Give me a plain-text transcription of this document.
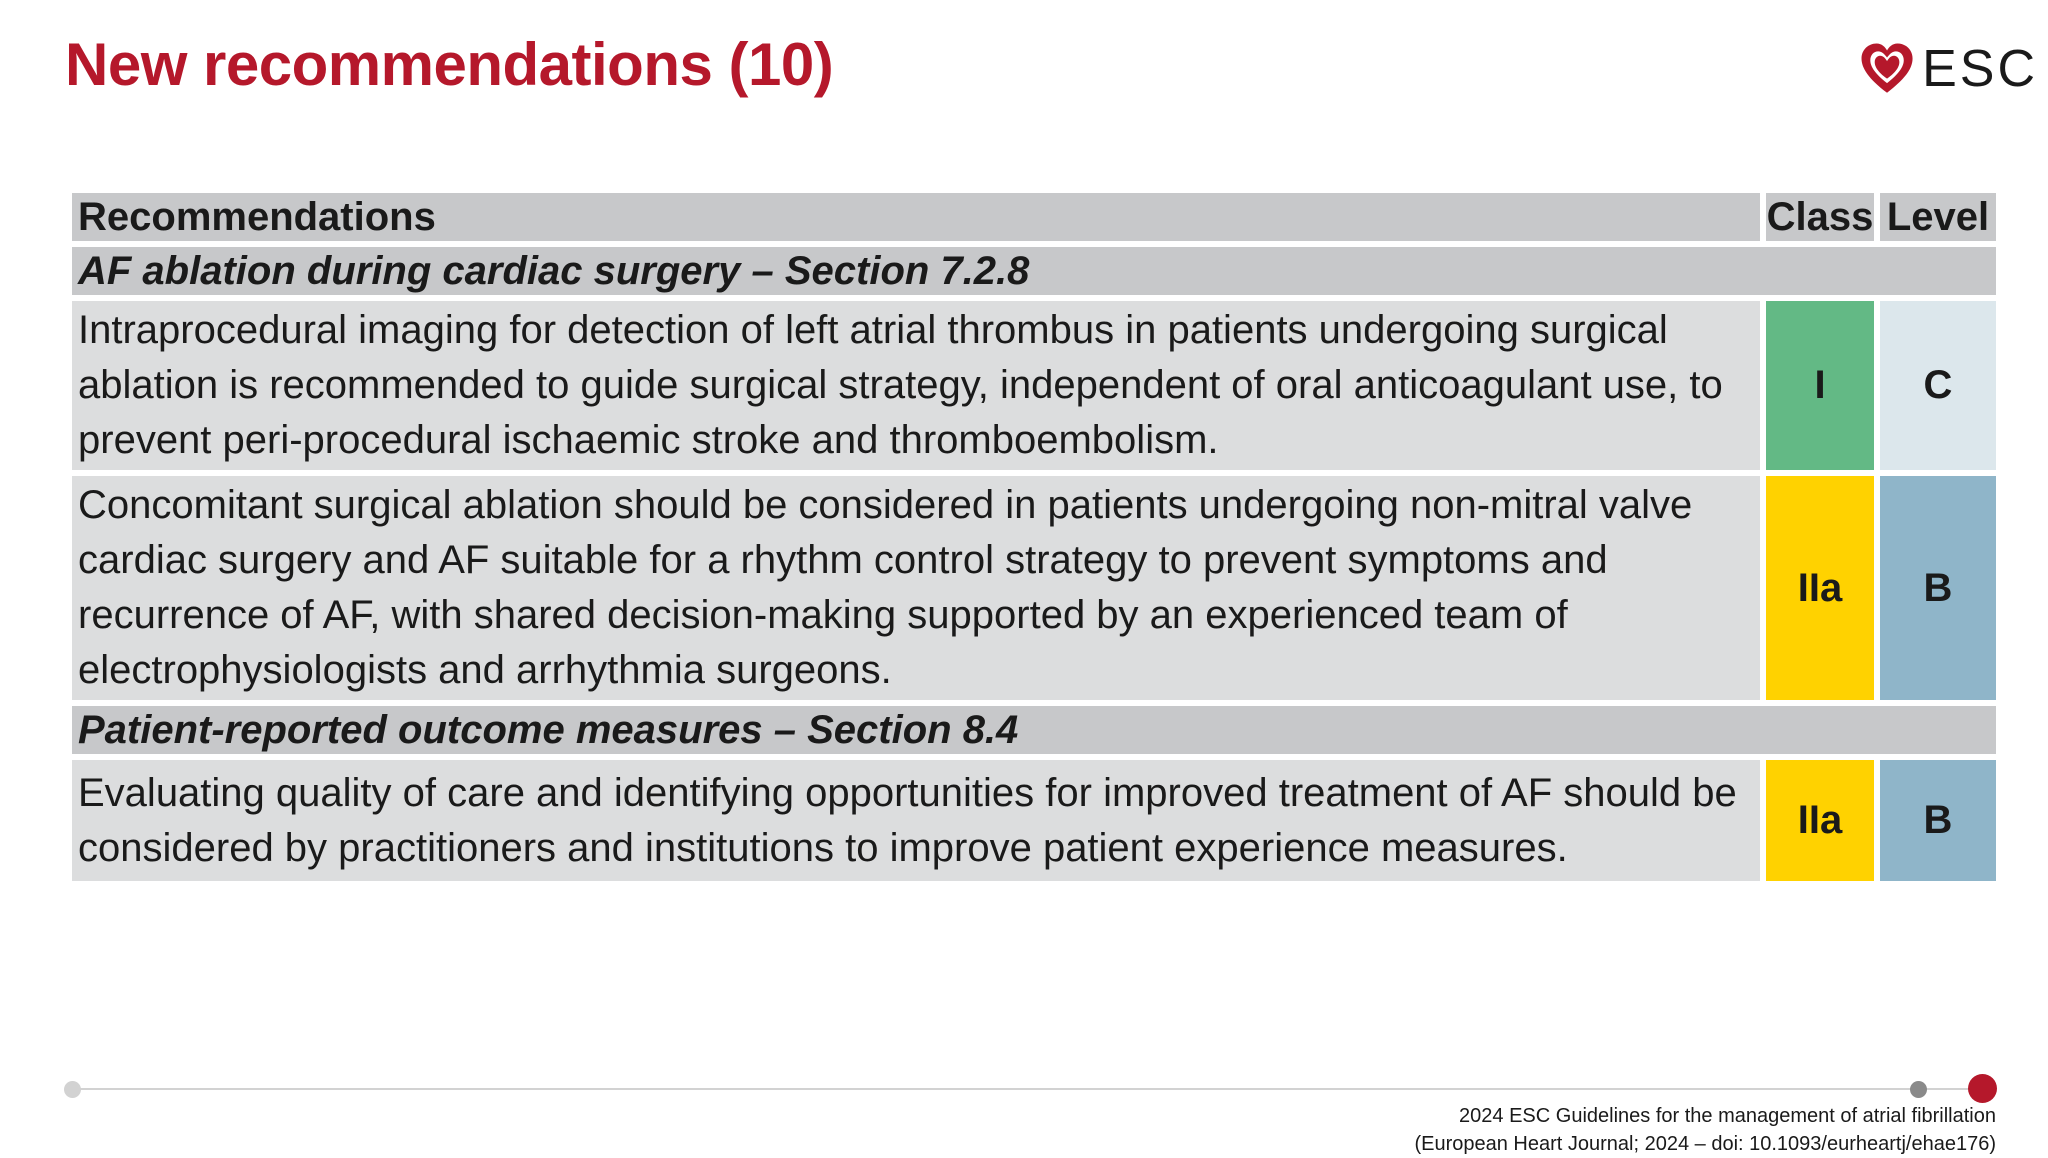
New recommendations (10)	ESC
Recommendations	Class	Level
AF ablation during cardiac surgery – Section 7.2.8		
Intraprocedural imaging for detection of left atrial thrombus in patients undergoing surgical ablation is recommended to guide surgical strategy, independent of oral anticoagulant use, to prevent peri-procedural ischaemic stroke and thromboembolism.	I	C
Concomitant surgical ablation should be considered in patients undergoing non-mitral valve cardiac surgery and AF suitable for a rhythm control strategy to prevent symptoms and recurrence of AF, with shared decision-making supported by an experienced team of electrophysiologists and arrhythmia surgeons.	IIa	B
Patient-reported outcome measures – Section 8.4		
Evaluating quality of care and identifying opportunities for improved treatment of AF should be considered by practitioners and institutions to improve patient experience measures.	IIa	B
2024 ESC Guidelines for the management of atrial fibrillation
(European Heart Journal; 2024 – doi: 10.1093/eurheartj/ehae176)
